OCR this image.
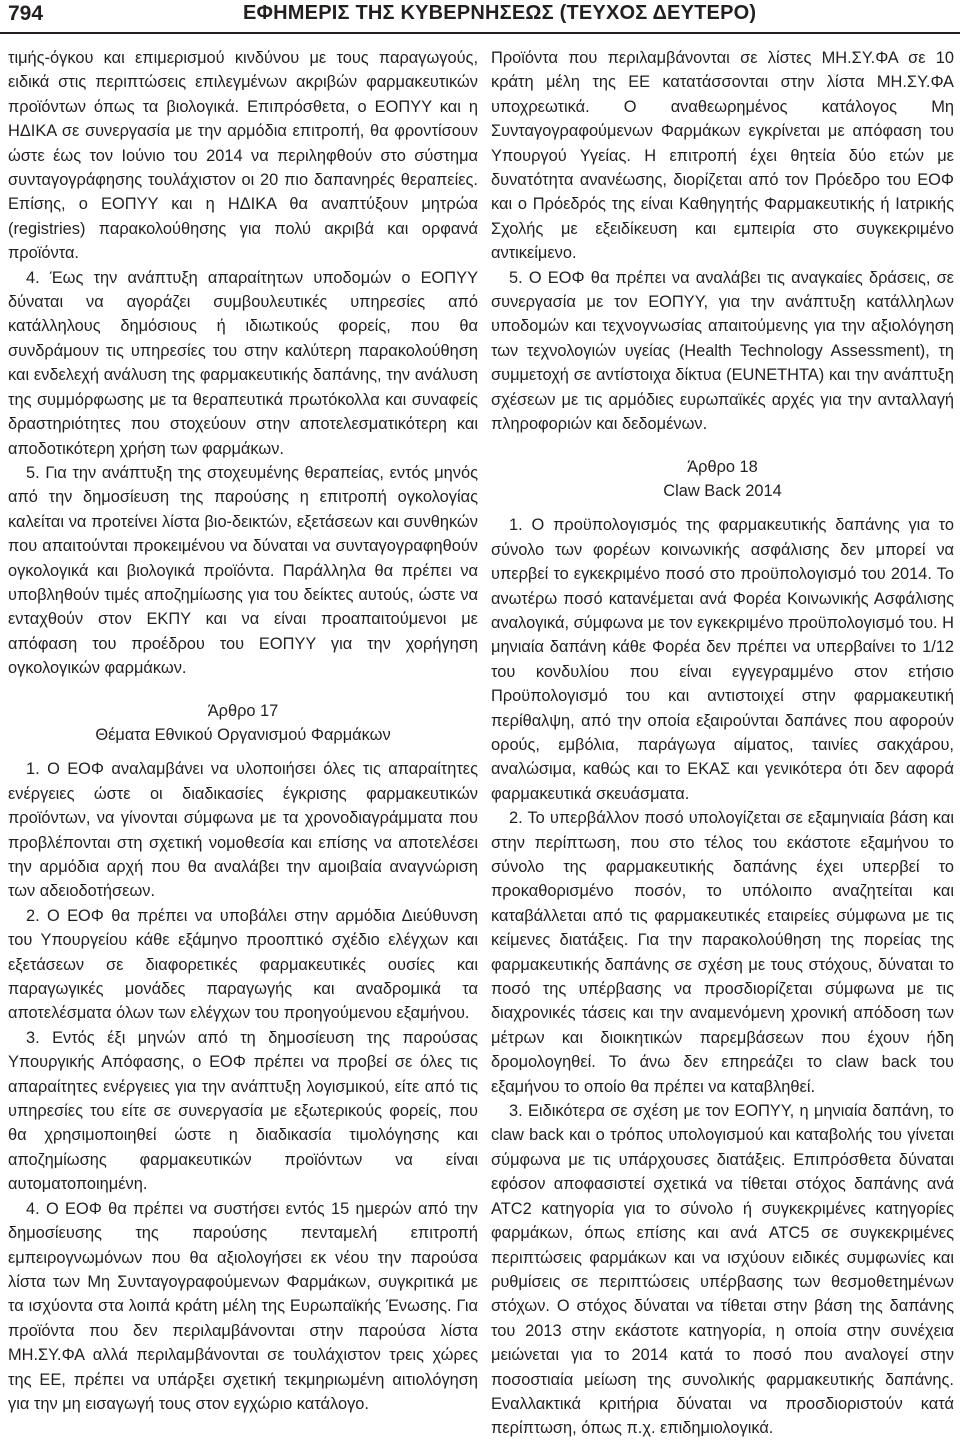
794	ΕΦΗΜΕΡΙΣ ΤΗΣ ΚΥΒΕΡΝΗΣΕΩΣ (ΤΕΥΧΟΣ ΔΕΥΤΕΡΟ)

τιμής-όγκου και επιμερισμού κινδύνου με τους παραγωγούς, ειδικά στις περιπτώσεις επιλεγμένων ακριβών φαρμακευτικών προϊόντων όπως τα βιολογικά. Επιπρόσθετα, ο ΕΟΠΥΥ και η ΗΔΙΚΑ σε συνεργασία με την αρμόδια επιτροπή, θα φροντίσουν ώστε έως τον Ιούνιο του 2014 να περιληφθούν στο σύστημα συνταγογράφησης τουλάχιστον οι 20 πιο δαπανηρές θεραπείες. Επίσης, ο ΕΟΠΥΥ και η ΗΔΙΚΑ θα αναπτύξουν μητρώα (registries) παρακολούθησης για πολύ ακριβά και ορφανά προϊόντα.

4. Έως την ανάπτυξη απαραίτητων υποδομών ο ΕΟΠΥΥ δύναται να αγοράζει συμβουλευτικές υπηρεσίες από κατάλληλους δημόσιους ή ιδιωτικούς φορείς, που θα συνδράμουν τις υπηρεσίες του στην καλύτερη παρακολούθηση και ενδελεχή ανάλυση της φαρμακευτικής δαπάνης, την ανάλυση της συμμόρφωσης με τα θεραπευτικά πρωτόκολλα και συναφείς δραστηριότητες που στοχεύουν στην αποτελεσματικότερη και αποδοτικότερη χρήση των φαρμάκων.

5. Για την ανάπτυξη της στοχευμένης θεραπείας, εντός μηνός από την δημοσίευση της παρούσης η επιτροπή ογκολογίας καλείται να προτείνει λίστα βιο-δεικτών, εξετάσεων και συνθηκών που απαιτούνται προκειμένου να δύναται να συνταγογραφηθούν ογκολογικά και βιολογικά προϊόντα. Παράλληλα θα πρέπει να υποβληθούν τιμές αποζημίωσης για του δείκτες αυτούς, ώστε να ενταχθούν στον ΕΚΠΥ και να είναι προαπαιτούμενοι με απόφαση του προέδρου του ΕΟΠΥΥ για την χορήγηση ογκολογικών φαρμάκων.

Άρθρο 17

Θέματα Εθνικού Οργανισμού Φαρμάκων

1. Ο ΕΟΦ αναλαμβάνει να υλοποιήσει όλες τις απαραίτητες ενέργειες ώστε οι διαδικασίες έγκρισης φαρμακευτικών προϊόντων, να γίνονται σύμφωνα με τα χρονοδιαγράμματα που προβλέπονται στη σχετική νομοθεσία και επίσης να αποτελέσει την αρμόδια αρχή που θα αναλάβει την αμοιβαία αναγνώριση των αδειοδοτήσεων.

2. Ο ΕΟΦ θα πρέπει να υποβάλει στην αρμόδια Διεύθυνση του Υπουργείου κάθε εξάμηνο προοπτικό σχέδιο ελέγχων και εξετάσεων σε διαφορετικές φαρμακευτικές ουσίες και παραγωγικές μονάδες παραγωγής και αναδρομικά τα αποτελέσματα όλων των ελέγχων του προηγούμενου εξαμήνου.

3. Εντός έξι μηνών από τη δημοσίευση της παρούσας Υπουργικής Απόφασης, ο ΕΟΦ πρέπει να προβεί σε όλες τις απαραίτητες ενέργειες για την ανάπτυξη λογισμικού, είτε από τις υπηρεσίες του είτε σε συνεργασία με εξωτερικούς φορείς, που θα χρησιμοποιηθεί ώστε η διαδικασία τιμολόγησης και αποζημίωσης φαρμακευτικών προϊόντων να είναι αυτοματοποιημένη.

4. Ο ΕΟΦ θα πρέπει να συστήσει εντός 15 ημερών από την δημοσίευσης της παρούσης πενταμελή επιτροπή εμπειρογνωμόνων που θα αξιολογήσει εκ νέου την παρούσα λίστα των Μη Συνταγογραφούμενων Φαρμάκων, συγκριτικά με τα ισχύοντα στα λοιπά κράτη μέλη της Ευρωπαϊκής Ένωσης. Για προϊόντα που δεν περιλαμβάνονται στην παρούσα λίστα ΜΗ.ΣΥ.ΦΑ αλλά περιλαμβάνονται σε τουλάχιστον τρεις χώρες της ΕΕ, πρέπει να υπάρξει σχετική τεκμηριωμένη αιτιολόγηση για την μη εισαγωγή τους στον εγχώριο κατάλογο.

Προϊόντα που περιλαμβάνονται σε λίστες ΜΗ.ΣΥ.ΦΑ σε 10 κράτη μέλη της ΕΕ κατατάσσονται στην λίστα ΜΗ.ΣΥ.ΦΑ υποχρεωτικά. Ο αναθεωρημένος κατάλογος Μη Συνταγογραφούμενων Φαρμάκων εγκρίνεται με απόφαση του Υπουργού Υγείας. Η επιτροπή έχει θητεία δύο ετών με δυνατότητα ανανέωσης, διορίζεται από τον Πρόεδρο του ΕΟΦ και ο Πρόεδρός της είναι Καθηγητής Φαρμακευτικής ή Ιατρικής Σχολής με εξειδίκευση και εμπειρία στο συγκεκριμένο αντικείμενο.

5. Ο ΕΟΦ θα πρέπει να αναλάβει τις αναγκαίες δράσεις, σε συνεργασία με τον ΕΟΠΥΥ, για την ανάπτυξη κατάλληλων υποδομών και τεχνογνωσίας απαιτούμενης για την αξιολόγηση των τεχνολογιών υγείας (Health Technology Assessment), τη συμμετοχή σε αντίστοιχα δίκτυα (EUNETHTA) και την ανάπτυξη σχέσεων με τις αρμόδιες ευρωπαϊκές αρχές για την ανταλλαγή πληροφοριών και δεδομένων.

Άρθρο 18

Claw Back 2014

1. Ο προϋπολογισμός της φαρμακευτικής δαπάνης για το σύνολο των φορέων κοινωνικής ασφάλισης δεν μπορεί να υπερβεί το εγκεκριμένο ποσό στο προϋπολογισμό του 2014. Το ανωτέρω ποσό κατανέμεται ανά Φορέα Κοινωνικής Ασφάλισης αναλογικά, σύμφωνα με τον εγκεκριμένο προϋπολογισμό του. Η μηνιαία δαπάνη κάθε Φορέα δεν πρέπει να υπερβαίνει το 1/12 του κονδυλίου που είναι εγγεγραμμένο στον ετήσιο Προϋπολογισμό του και αντιστοιχεί στην φαρμακευτική περίθαλψη, από την οποία εξαιρούνται δαπάνες που αφορούν ορούς, εμβόλια, παράγωγα αίματος, ταινίες σακχάρου, αναλώσιμα, καθώς και το ΕΚΑΣ και γενικότερα ότι δεν αφορά φαρμακευτικά σκευάσματα.

2. Το υπερβάλλον ποσό υπολογίζεται σε εξαμηνιαία βάση και στην περίπτωση, που στο τέλος του εκάστοτε εξαμήνου το σύνολο της φαρμακευτικής δαπάνης έχει υπερβεί το προκαθορισμένο ποσόν, το υπόλοιπο αναζητείται και καταβάλλεται από τις φαρμακευτικές εταιρείες σύμφωνα με τις κείμενες διατάξεις. Για την παρακολούθηση της πορείας της φαρμακευτικής δαπάνης σε σχέση με τους στόχους, δύναται το ποσό της υπέρβασης να προσδιορίζεται σύμφωνα με τις διαχρονικές τάσεις και την αναμενόμενη χρονική απόδοση των μέτρων και διοικητικών παρεμβάσεων που έχουν ήδη δρομολογηθεί. Το άνω δεν επηρεάζει το claw back του εξαμήνου το οποίο θα πρέπει να καταβληθεί.

3. Ειδικότερα σε σχέση με τον ΕΟΠΥΥ, η μηνιαία δαπάνη, το claw back και ο τρόπος υπολογισμού και καταβολής του γίνεται σύμφωνα με τις υπάρχουσες διατάξεις. Επιπρόσθετα δύναται εφόσον αποφασιστεί σχετικά να τίθεται στόχος δαπάνης ανά ATC2 κατηγορία για το σύνολο ή συγκεκριμένες κατηγορίες φαρμάκων, όπως επίσης και ανά ATC5 σε συγκεκριμένες περιπτώσεις φαρμάκων και να ισχύουν ειδικές συμφωνίες και ρυθμίσεις σε περιπτώσεις υπέρβασης των θεσμοθετημένων στόχων. Ο στόχος δύναται να τίθεται στην βάση της δαπάνης του 2013 στην εκάστοτε κατηγορία, η οποία στην συνέχεια μειώνεται για το 2014 κατά το ποσό που αναλογεί στην ποσοστιαία μείωση της συνολικής φαρμακευτικής δαπάνης. Εναλλακτικά κριτήρια δύναται να προσδιοριστούν κατά περίπτωση, όπως π.χ. επιδημιολογικά.
